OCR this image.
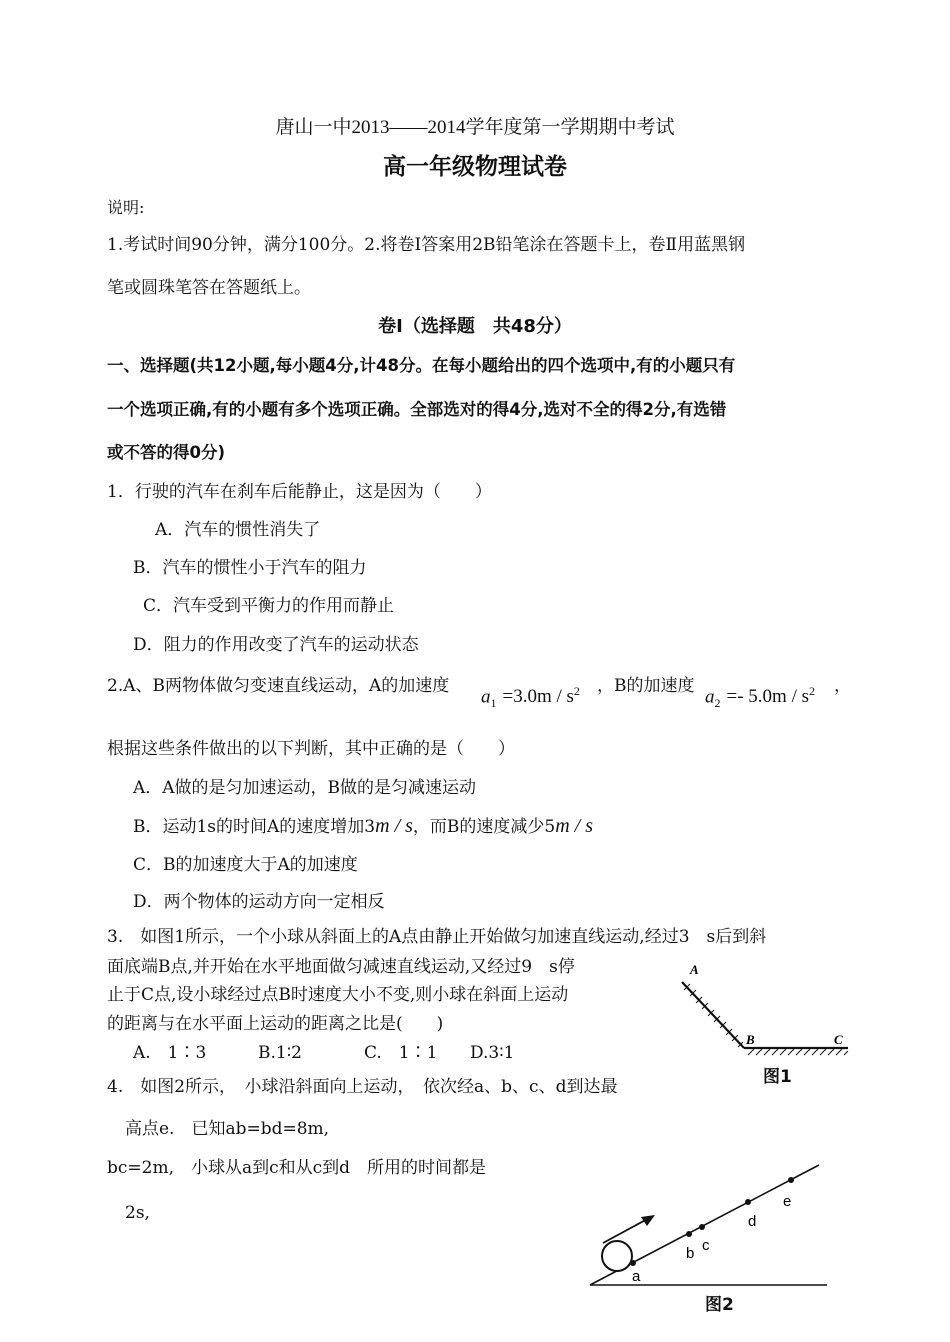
唐山一中2013——2014学年度第一学期期中考试
高一年级物理试卷
说明:
1.考试时间90分钟，满分100分。2.将卷Ⅰ答案用2B铅笔涂在答题卡上，卷Ⅱ用蓝黑钢
笔或圆珠笔答在答题纸上。
卷Ⅰ（选择题　共48分）
一、选择题(共12小题,每小题4分,计48分。在每小题给出的四个选项中,有的小题只有
一个选项正确,有的小题有多个选项正确。全部选对的得4分,选对不全的得2分,有选错
或不答的得0分)
1．行驶的汽车在刹车后能静止，这是因为（　　）
A．汽车的惯性消失了
B．汽车的惯性小于汽车的阻力
C．汽车受到平衡力的作用而静止
D．阻力的作用改变了汽车的运动状态
2.A、B两物体做匀变速直线运动，A的加速度
$a_1 =3.0m / s^2$ ，B的加速度
$a_2 =- 5.0m / s^2$ ，
根据这些条件做出的以下判断，其中正确的是（　　）
A．A做的是匀加速运动，B做的是匀减速运动
B．运动1s的时间A的速度增加3m / s，而B的速度减少5m / s
C．B的加速度大于A的加速度
D．两个物体的运动方向一定相反
3.　如图1所示，一个小球从斜面上的A点由静止开始做匀加速直线运动,经过3　s后到斜
面底端B点,并开始在水平地面做匀减速直线运动,又经过9　s停
止于C点,设小球经过点B时速度大小不变,则小球在斜面上运动
的距离与在水平面上运动的距离之比是(　　)
A.　1∶3	B.1∶2	C.　1∶1 D.3∶1
A
B	C
图1
4.　如图2所示，　小球沿斜面向上运动，　依次经a、b、c、d到达最
高点e.　已知ab=bd=8m,
bc=2m,　小球从a到c和从c到d　所用的时间都是
2s,
a
b c
d
e
图2
